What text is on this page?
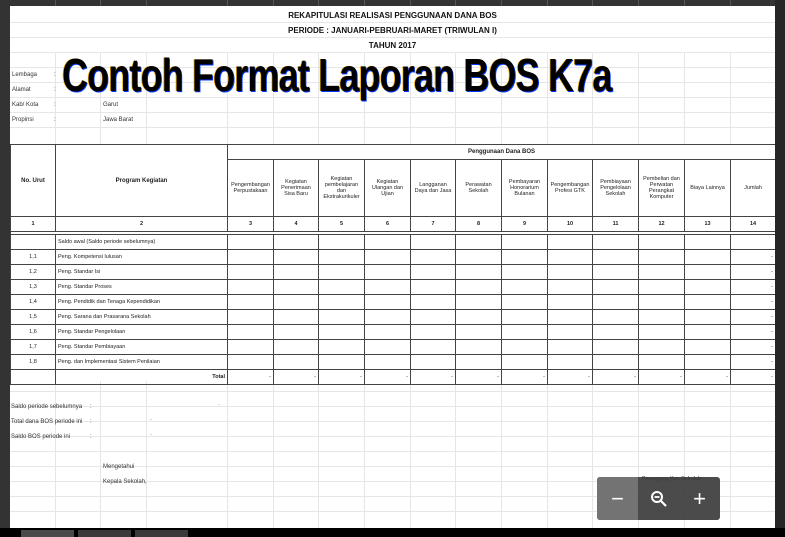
REKAPITULASI REALISASI PENGGUNAAN DANA BOS
PERIODE : JANUARI-PEBRUARI-MARET (TRIWULAN I)
TAHUN 2017
Lembaga	:
Alamat	:
Kab/ Kota	:	Garut
Propinsi	:	Jawa Barat
No. Urut	Program Kegiatan	Penggunaan Dana BOS											
		Pengembangan Perpustakaan	Kegiatan Penerimaan Sisa Baru	Kegiatan pembelajaran dan Ekstrakurikuler	Kegiatan Ulangan dan Ujian	Langganan Daya dan Jasa	Perawatan Sekolah	Pembayaran Honorarium Bulanan	Pengembangan Profesi GTK	Pembiayaan Pengelolaan Sekolah	Pembelian dan Perwatan Perangkat Komputer	Biaya Lainnya	Jumlah
1	2	3	4	5	6	7	8	9	10	11	12	13	14

	Saldo awal (Saldo periode sebelumnya)												
1,1	Peng. Kompetensi lulusan												-
1,2	Peng. Standar Isi												-
1,3	Peng. Standar Proses												-
1,4	Peng. Pendidik dan Tenaga Kependidikan												-
1,5	Peng. Sarana dan Prasarana Sekolah												-
1,6	Peng. Standar Pengelolaan												-
1,7	Peng. Standar Pembiayaan												-
1,8	Peng. dan Implementasi Sistem Penilaian												-
	Total	-	-	-	-	-	-	-	-	-	-	-	-
Saldo periode sebelumnya :	-
Total dana BOS periode ini :	-
Saldo BOS periode ini	:	-
Mengetahui
Kepala Sekolah,
Contoh Format Laporan BOS K7a
−	+
